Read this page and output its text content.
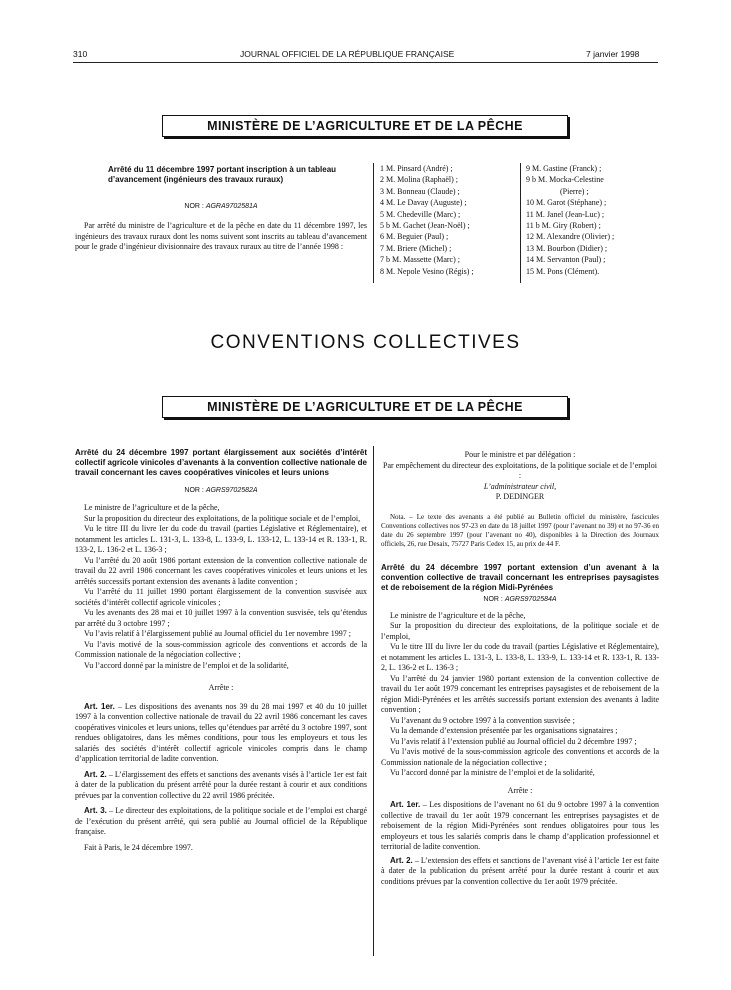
310	JOURNAL OFFICIEL DE LA RÉPUBLIQUE FRANÇAISE	7 janvier 1998
MINISTÈRE DE L’AGRICULTURE ET DE LA PÊCHE
Arrêté du 11 décembre 1997 portant inscription à un tableau d’avancement (ingénieurs des travaux ruraux)
NOR : AGRA9702581A

Par arrêté du ministre de l’agriculture et de la pêche en date du 11 décembre 1997, les ingénieurs des travaux ruraux dont les noms suivent sont inscrits au tableau d’avancement pour le grade d’ingénieur divisionnaire des travaux ruraux au titre de l’année 1998 :

1 M. Pinsard (André) ;
2 M. Molina (Raphaël) ;
3 M. Bonneau (Claude) ;
4 M. Le Davay (Auguste) ;
5 M. Chedeville (Marc) ;
5 b M. Gachet (Jean-Noël) ;
6 M. Beguier (Paul) ;
7 M. Briere (Michel) ;
7 b M. Massette (Marc) ;
8 M. Nepole Vesino (Régis) ;
9 M. Gastine (Franck) ;
9 b M. Mocka-Celestine
(Pierre) ;
10 M. Garot (Stéphane) ;
11 M. Janel (Jean-Luc) ;
11 b M. Giry (Robert) ;
12 M. Alexandre (Olivier) ;
13 M. Bourbon (Didier) ;
14 M. Servanton (Paul) ;
15 M. Pons (Clément).
CONVENTIONS COLLECTIVES
MINISTÈRE DE L’AGRICULTURE ET DE LA PÊCHE
Arrêté du 24 décembre 1997 portant élargissement aux sociétés d’intérêt collectif agricole vinicoles d’avenants à la convention collective nationale de travail concernant les caves coopératives vinicoles et leurs unions
NOR : AGRS9702582A

Le ministre de l’agriculture et de la pêche,

Sur la proposition du directeur des exploitations, de la politique sociale et de l’emploi,

Vu le titre III du livre Ier du code du travail (parties Législative et Réglementaire), et notamment les articles L. 131-3, L. 133-8, L. 133-9, L. 133-12, L. 133-14 et R. 133-1, R. 133-2, L. 136-2 et L. 136-3 ;

Vu l’arrêté du 20 août 1986 portant extension de la convention collective nationale de travail du 22 avril 1986 concernant les caves coopératives vinicoles et leurs unions et les arrêtés successifs portant extension des avenants à ladite convention ;

Vu l’arrêté du 11 juillet 1990 portant élargissement de la convention susvisée aux sociétés d’intérêt collectif agricole vinicoles ;

Vu les avenants des 28 mai et 10 juillet 1997 à la convention susvisée, tels qu’étendus par arrêté du 3 octobre 1997 ;

Vu l’avis relatif à l’élargissement publié au Journal officiel du 1er novembre 1997 ;

Vu l’avis motivé de la sous-commission agricole des conventions et accords de la Commission nationale de la négociation collective ;

Vu l’accord donné par la ministre de l’emploi et de la solidarité,

Arrête :

Art. 1er. – Les dispositions des avenants nos 39 du 28 mai 1997 et 40 du 10 juillet 1997 à la convention collective nationale de travail du 22 avril 1986 concernant les caves coopératives vinicoles et leurs unions, telles qu’étendues par arrêté du 3 octobre 1997, sont rendues obligatoires, dans les mêmes conditions, pour tous les employeurs et tous les salariés des sociétés d’intérêt collectif agricole vinicoles compris dans le champ d’application territorial de ladite convention.

Art. 2. – L’élargissement des effets et sanctions des avenants visés à l’article 1er est fait à dater de la publication du présent arrêté pour la durée restant à courir et aux conditions prévues par la convention collective du 22 avril 1986 précitée.

Art. 3. – Le directeur des exploitations, de la politique sociale et de l’emploi est chargé de l’exécution du présent arrêté, qui sera publié au Journal officiel de la République française.

Fait à Paris, le 24 décembre 1997.

Pour le ministre et par délégation :
Par empêchement du directeur des exploitations, de la politique sociale et de l’emploi :
L’administrateur civil,
P. DEDINGER
Nota. – Le texte des avenants a été publié au Bulletin officiel du ministère, fascicules Conventions collectives nos 97-23 en date du 18 juillet 1997 (pour l’avenant no 39) et no 97-36 en date du 26 septembre 1997 (pour l’avenant no 40), disponibles à la Direction des Journaux officiels, 26, rue Desaix, 75727 Paris Cedex 15, au prix de 44 F.
Arrêté du 24 décembre 1997 portant extension d’un avenant à la convention collective de travail concernant les entreprises paysagistes et de reboisement de la région Midi-Pyrénées
NOR : AGRS9702584A

Le ministre de l’agriculture et de la pêche,

Sur la proposition du directeur des exploitations, de la politique sociale et de l’emploi,

Vu le titre III du livre Ier du code du travail (parties Législative et Réglementaire), et notamment les articles L. 131-3, L. 133-8, L. 133-9, L. 133-14 et R. 133-1, R. 133-2, L. 136-2 et L. 136-3 ;

Vu l’arrêté du 24 janvier 1980 portant extension de la convention collective de travail du 1er août 1979 concernant les entreprises paysagistes et de reboisement de la région Midi-Pyrénées et les arrêtés successifs portant extension des avenants à ladite convention ;

Vu l’avenant du 9 octobre 1997 à la convention susvisée ;

Vu la demande d’extension présentée par les organisations signataires ;

Vu l’avis relatif à l’extension publié au Journal officiel du 2 décembre 1997 ;

Vu l’avis motivé de la sous-commission agricole des conventions et accords de la Commission nationale de la négociation collective ;

Vu l’accord donné par la ministre de l’emploi et de la solidarité,

Arrête :

Art. 1er. – Les dispositions de l’avenant no 61 du 9 octobre 1997 à la convention collective de travail du 1er août 1979 concernant les entreprises paysagistes et de reboisement de la région Midi-Pyrénées sont rendues obligatoires pour tous les employeurs et tous les salariés compris dans le champ d’application professionnel et territorial de ladite convention.

Art. 2. – L’extension des effets et sanctions de l’avenant visé à l’article 1er est faite à dater de la publication du présent arrêté pour la durée restant à courir et aux conditions prévues par la convention collective du 1er août 1979 précitée.
